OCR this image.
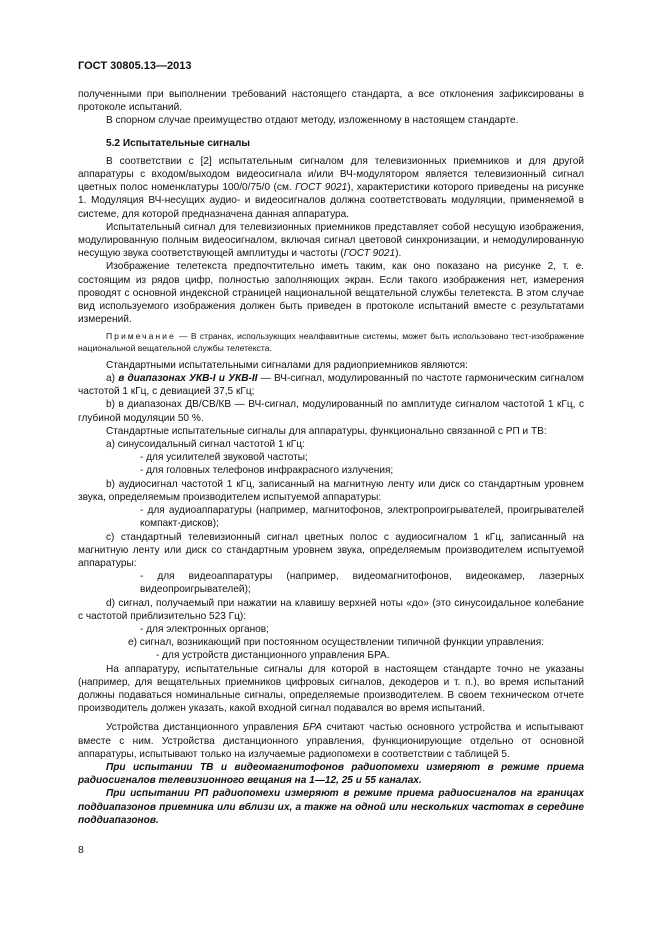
ГОСТ 30805.13—2013

полученными при выполнении требований настоящего стандарта, а все отклонения зафиксированы в протоколе испытаний.

В спорном случае преимущество отдают методу, изложенному в настоящем стандарте.

5.2 Испытательные сигналы

В соответствии с [2] испытательным сигналом для телевизионных приемников и для другой аппаратуры с входом/выходом видеосигнала и/или ВЧ-модулятором является телевизионный сигнал цветных полос номенклатуры 100/0/75/0 (см. ГОСТ 9021), характеристики которого приведены на рисунке 1. Модуляция ВЧ-несущих аудио- и видеосигналов должна соответствовать модуляции, применяемой в системе, для которой предназначена данная аппаратура.

Испытательный сигнал для телевизионных приемников представляет собой несущую изображения, модулированную полным видеосигналом, включая сигнал цветовой синхронизации, и немодулированную несущую звука соответствующей амплитуды и частоты (ГОСТ 9021).

Изображение телетекста предпочтительно иметь таким, как оно показано на рисунке 2, т. е. состоящим из рядов цифр, полностью заполняющих экран. Если такого изображения нет, измерения проводят с основной индексной страницей национальной вещательной службы телетекста. В этом случае вид используемого изображения должен быть приведен в протоколе испытаний вместе с результатами измерений.

Примечание — В странах, использующих неалфавитные системы, может быть использовано тест-изображение национальной вещательной службы телетекста.

Стандартными испытательными сигналами для радиоприемников являются:

a) в диапазонах УКВ-I и УКВ-II — ВЧ-сигнал, модулированный по частоте гармоническим сигналом частотой 1 кГц, с девиацией 37,5 кГц;

b) в диапазонах ДВ/СВ/КВ — ВЧ-сигнал, модулированный по амплитуде сигналом частотой 1 кГц, с глубиной модуляции 50 %.

Стандартные испытательные сигналы для аппаратуры, функционально связанной с РП и ТВ:

a) синусоидальный сигнал частотой 1 кГц:

- для усилителей звуковой частоты;

- для головных телефонов инфракрасного излучения;

b) аудиосигнал частотой 1 кГц, записанный на магнитную ленту или диск со стандартным уровнем звука, определяемым производителем испытуемой аппаратуры:

- для аудиоаппаратуры (например, магнитофонов, электропроигрывателей, проигрывателей компакт-дисков);

c) стандартный телевизионный сигнал цветных полос с аудиосигналом 1 кГц, записанный на магнитную ленту или диск со стандартным уровнем звука, определяемым производителем испытуемой аппаратуры:

- для видеоаппаратуры (например, видеомагнитофонов, видеокамер, лазерных видеопроигрывателей);

d) сигнал, получаемый при нажатии на клавишу верхней ноты «до» (это синусоидальное колебание с частотой приблизительно 523 Гц):

- для электронных органов;

e) сигнал, возникающий при постоянном осуществлении типичной функции управления:

- для устройств дистанционного управления БРА.

На аппаратуру, испытательные сигналы для которой в настоящем стандарте точно не указаны (например, для вещательных приемников цифровых сигналов, декодеров и т. п.), во время испытаний должны подаваться номинальные сигналы, определяемые производителем. В своем техническом отчете производитель должен указать, какой входной сигнал подавался во время испытаний.

Устройства дистанционного управления БРА считают частью основного устройства и испытывают вместе с ним. Устройства дистанционного управления, функционирующие отдельно от основной аппаратуры, испытывают только на излучаемые радиопомехи в соответствии с таблицей 5.

При испытании ТВ и видеомагнитофонов радиопомехи измеряют в режиме приема радиосигналов телевизионного вещания на 1—12, 25 и 55 каналах.

При испытании РП радиопомехи измеряют в режиме приема радиосигналов на границах поддиапазонов приемника или вблизи их, а также на одной или нескольких частотах в середине поддиапазонов.

8
